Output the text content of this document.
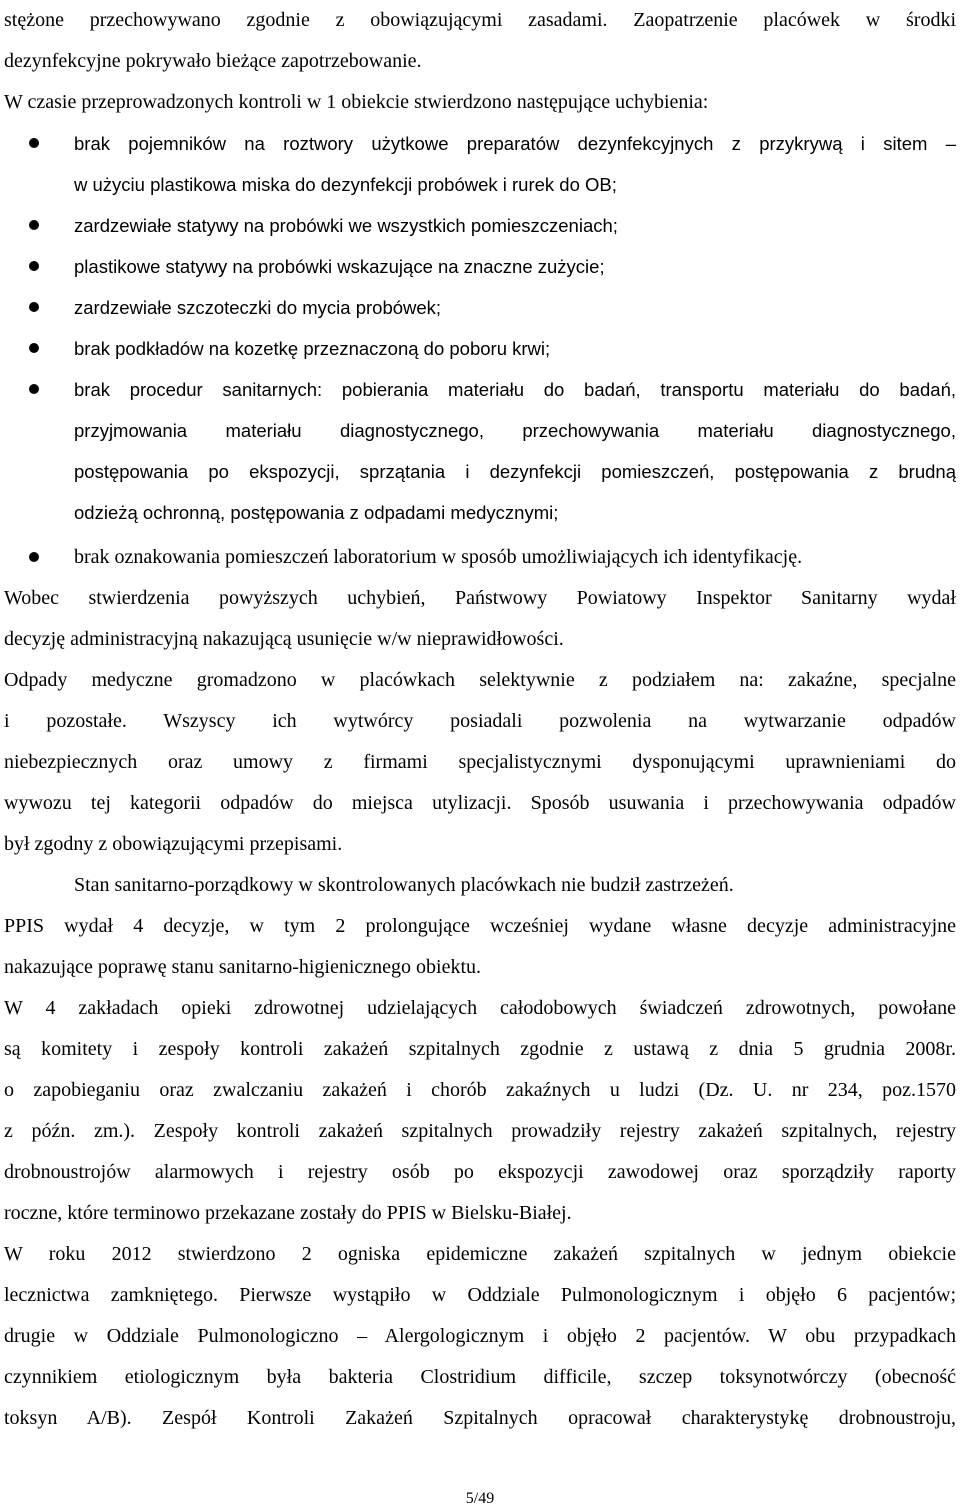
stężone przechowywano zgodnie z obowiązującymi zasadami. Zaopatrzenie placówek w środki
dezynfekcyjne pokrywało bieżące zapotrzebowanie.
W czasie przeprowadzonych kontroli w 1 obiekcie stwierdzono następujące uchybienia:
brak pojemników na roztwory użytkowe preparatów dezynfekcyjnych z przykrywą i sitem –
w użyciu plastikowa miska do dezynfekcji probówek i rurek do OB;
zardzewiałe statywy na probówki we wszystkich pomieszczeniach;
plastikowe statywy na probówki wskazujące na znaczne zużycie;
zardzewiałe szczoteczki do mycia probówek;
brak podkładów na kozetkę przeznaczoną do poboru krwi;
brak procedur sanitarnych: pobierania materiału do badań, transportu materiału do badań,
przyjmowania materiału diagnostycznego, przechowywania materiału diagnostycznego,
postępowania po ekspozycji, sprzątania i dezynfekcji pomieszczeń, postępowania z brudną
odzieżą ochronną, postępowania z odpadami medycznymi;
brak oznakowania pomieszczeń laboratorium w sposób umożliwiających ich identyfikację.
Wobec stwierdzenia powyższych uchybień, Państwowy Powiatowy Inspektor Sanitarny wydał
decyzję administracyjną nakazującą usunięcie w/w nieprawidłowości.
Odpady medyczne gromadzono w placówkach selektywnie z podziałem na: zakaźne, specjalne
i pozostałe. Wszyscy ich wytwórcy posiadali pozwolenia na wytwarzanie odpadów
niebezpiecznych oraz umowy z firmami specjalistycznymi dysponującymi uprawnieniami do
wywozu tej kategorii odpadów do miejsca utylizacji. Sposób usuwania i przechowywania odpadów
był zgodny z obowiązującymi przepisami.
Stan sanitarno-porządkowy w skontrolowanych placówkach nie budził zastrzeżeń.
PPIS wydał 4 decyzje, w tym 2 prolongujące wcześniej wydane własne decyzje administracyjne
nakazujące poprawę stanu sanitarno-higienicznego obiektu.
W 4 zakładach opieki zdrowotnej udzielających całodobowych świadczeń zdrowotnych, powołane
są komitety i zespoły kontroli zakażeń szpitalnych zgodnie z ustawą z dnia 5 grudnia 2008r.
o zapobieganiu oraz zwalczaniu zakażeń i chorób zakaźnych u ludzi (Dz. U. nr 234, poz.1570
z późn. zm.). Zespoły kontroli zakażeń szpitalnych prowadziły rejestry zakażeń szpitalnych, rejestry
drobnoustrojów alarmowych i rejestry osób po ekspozycji zawodowej oraz sporządziły raporty
roczne, które terminowo przekazane zostały do PPIS w Bielsku-Białej.
W roku 2012 stwierdzono 2 ogniska epidemiczne zakażeń szpitalnych w jednym obiekcie
lecznictwa zamkniętego. Pierwsze wystąpiło w Oddziale Pulmonologicznym i objęło 6 pacjentów;
drugie w Oddziale Pulmonologiczno – Alergologicznym i objęło 2 pacjentów. W obu przypadkach
czynnikiem etiologicznym była bakteria Clostridium difficile, szczep toksynotwórczy (obecność
toksyn A/B). Zespół Kontroli Zakażeń Szpitalnych opracował charakterystykę drobnoustroju,
5/49
